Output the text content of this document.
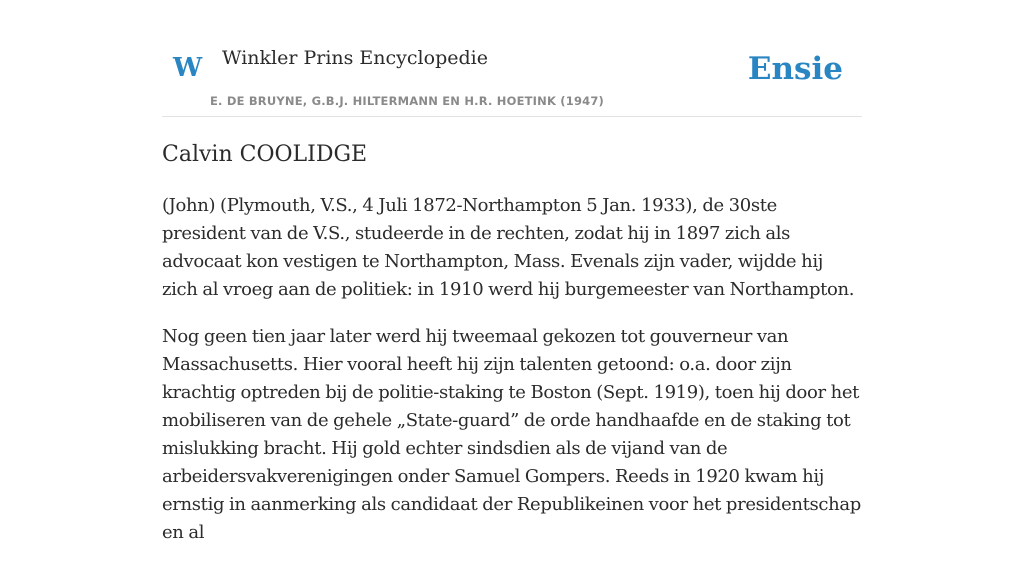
W Winkler Prins Encyclopedie
E. DE BRUYNE, G.B.J. HILTERMANN EN H.R. HOETINK (1947)
Ensie
Calvin COOLIDGE

(John) (Plymouth, V.S., 4 Juli 1872-Northampton 5 Jan. 1933), de 30ste president van de V.S., studeerde in de rechten, zodat hij in 1897 zich als advocaat kon vestigen te Northampton, Mass. Evenals zijn vader, wijdde hij zich al vroeg aan de politiek: in 1910 werd hij burgemeester van Northampton.

Nog geen tien jaar later werd hij tweemaal gekozen tot gouverneur van Massachusetts. Hier vooral heeft hij zijn talenten getoond: o.a. door zijn krachtig optreden bij de politie-staking te Boston (Sept. 1919), toen hij door het mobiliseren van de gehele „State-guard” de orde handhaafde en de staking tot mislukking bracht. Hij gold echter sindsdien als de vijand van de arbeidersvakverenigingen onder Samuel Gompers. Reeds in 1920 kwam hij ernstig in aanmerking als candidaat der Republikeinen voor het presidentschap en al
